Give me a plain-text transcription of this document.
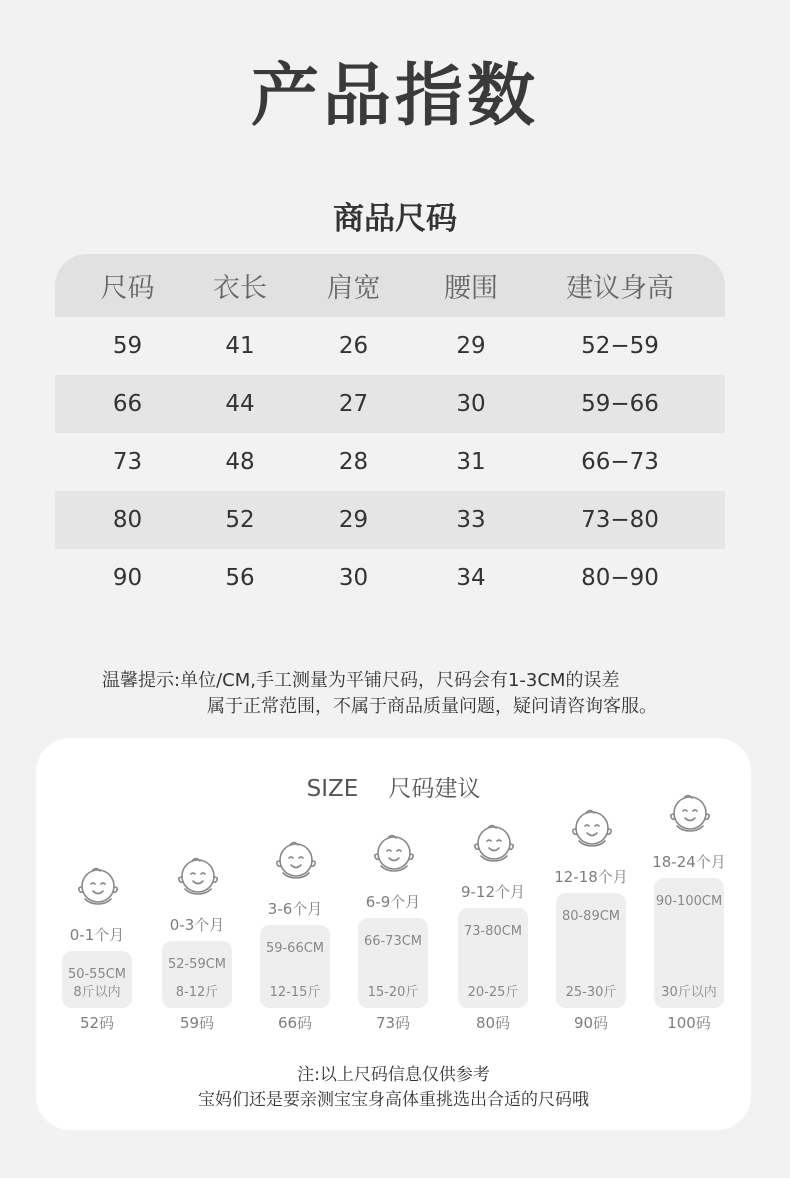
产品指数
商品尺码
尺码	衣长	肩宽	腰围	建议身高
59	41	26	29	52−59
66	44	27	30	59−66
73	48	28	31	66−73
80	52	29	33	73−80
90	56	30	34	80−90
温馨提示:单位/CM,手工测量为平铺尺码，尺码会有1-3CM的误差
属于正常范围，不属于商品质量问题，疑问请咨询客服。
SIZE 尺码建议
0-1个月
50-55CM
8斤以内
52码
0-3个月
52-59CM
8-12斤
59码
3-6个月
59-66CM
12-15斤
66码
6-9个月
66-73CM
15-20斤
73码
9-12个月
73-80CM
20-25斤
80码
12-18个月
80-89CM
25-30斤
90码
18-24个月
90-100CM
30斤以内
100码
注:以上尺码信息仅供参考
宝妈们还是要亲测宝宝身高体重挑选出合适的尺码哦
